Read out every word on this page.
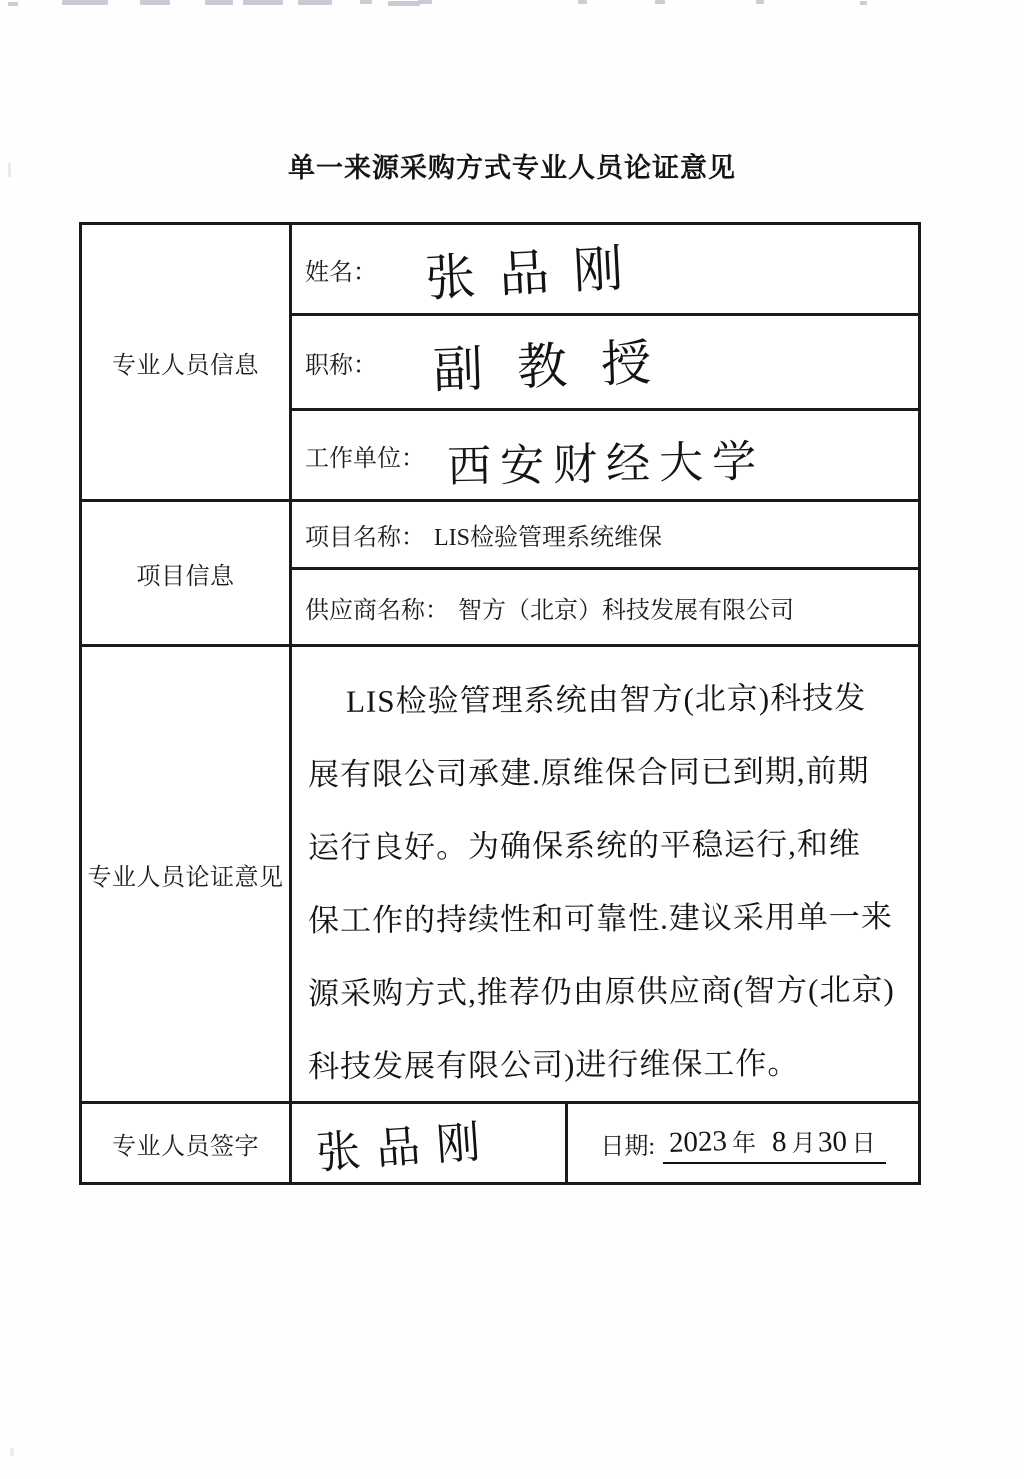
单一来源采购方式专业人员论证意见
专业人员信息
姓名： 张品刚
职称： 副教授
工作单位： 西安财经大学
项目信息
项目名称： LIS检验管理系统维保
供应商名称： 智方（北京）科技发展有限公司
专业人员论证意见
LIS检验管理系统由智方(北京)科技发
展有限公司承建.原维保合同已到期,前期
运行良好。为确保系统的平稳运行,和维
保工作的持续性和可靠性.建议采用单一来
源采购方式,推荐仍由原供应商(智方(北京)
科技发展有限公司)进行维保工作。
专业人员签字	张品刚	日期: 2023 年 8 月 30 日
